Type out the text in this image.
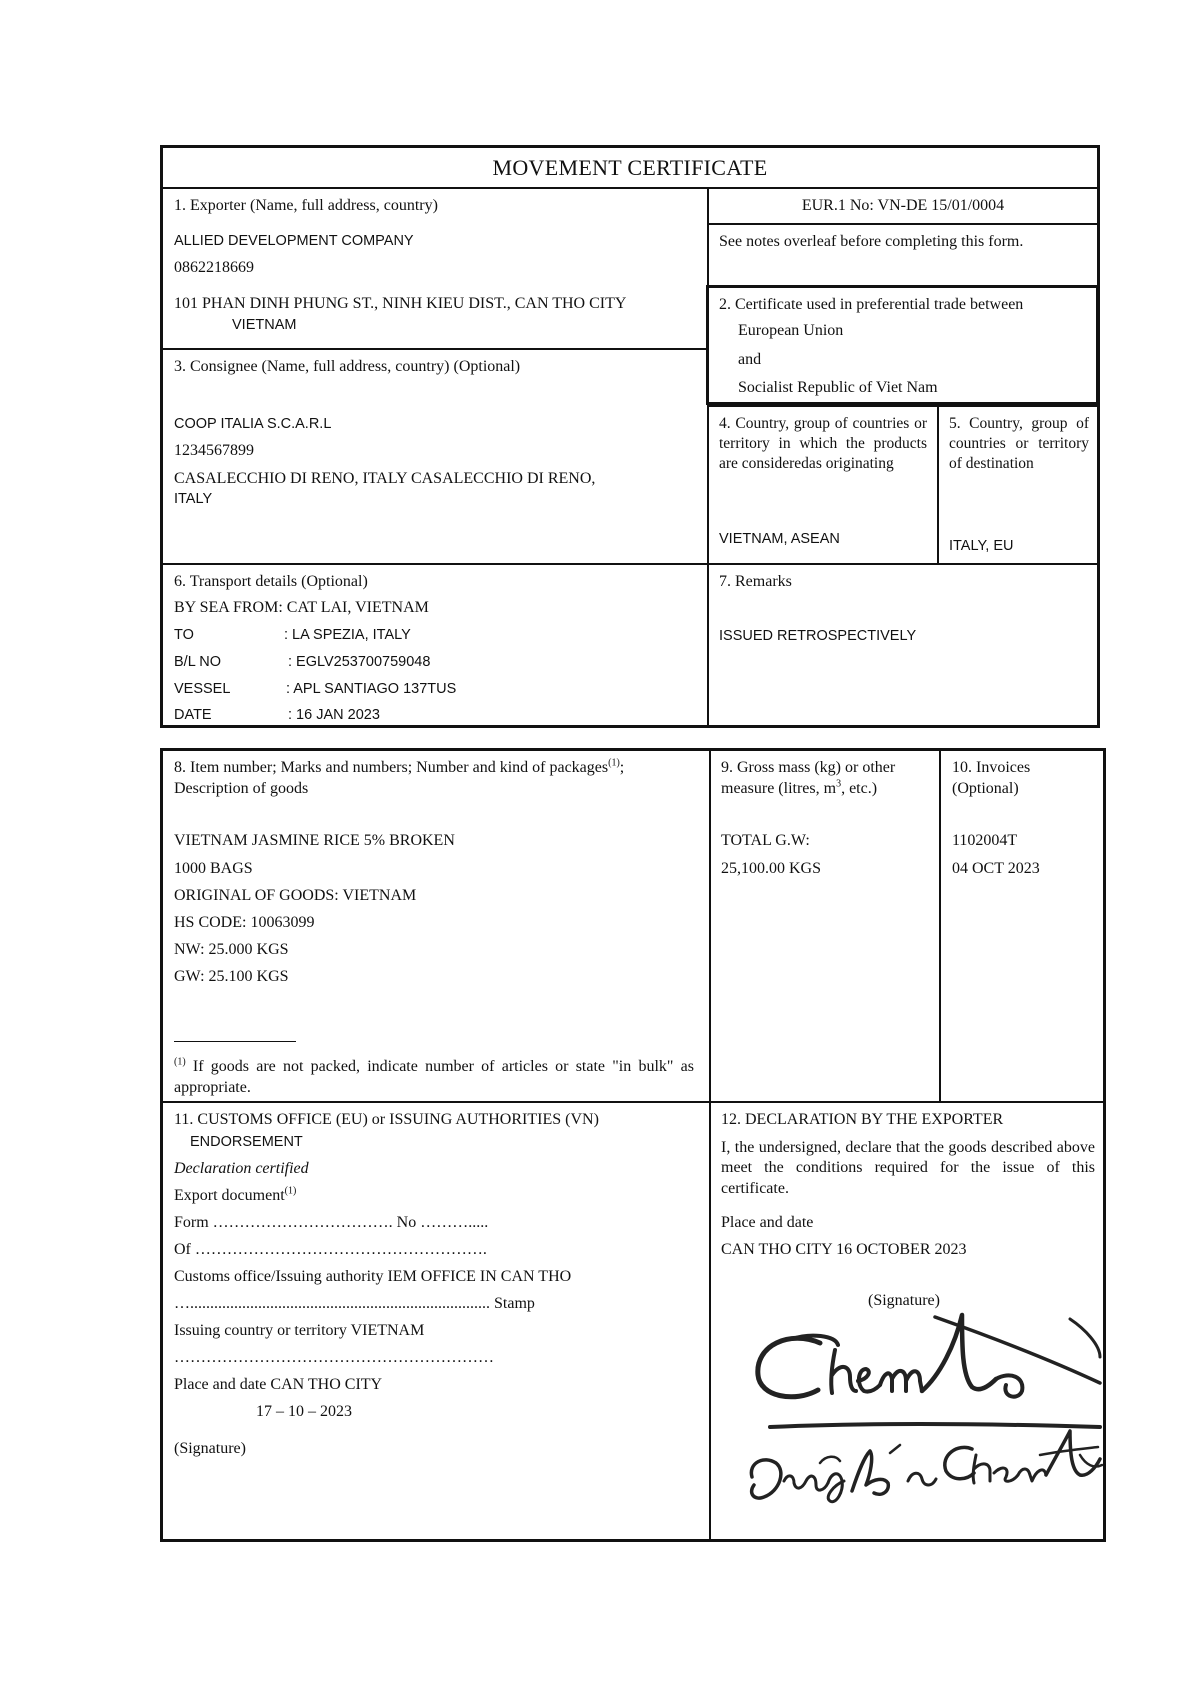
MOVEMENT CERTIFICATE
1. Exporter (Name, full address, country)
ALLIED DEVELOPMENT COMPANY
0862218669
101 PHAN DINH PHUNG ST., NINH KIEU DIST., CAN THO CITY
VIETNAM
EUR.1 No: VN-DE 15/01/0004
See notes overleaf before completing this form.
2. Certificate used in preferential trade between
European Union
and
Socialist Republic of Viet Nam
3. Consignee (Name, full address, country) (Optional)
COOP ITALIA S.C.A.R.L
1234567899
CASALECCHIO DI RENO, ITALY CASALECCHIO DI RENO,
ITALY
4. Country, group of countries or territory in which the products are consideredas originating
VIETNAM, ASEAN
5. Country, group of countries or territory of destination
ITALY, EU
6. Transport details (Optional)
BY SEA FROM: CAT LAI, VIETNAM
TO	: LA SPEZIA, ITALY
B/L NO	: EGLV253700759048
VESSEL	: APL SANTIAGO 137TUS
DATE	: 16 JAN 2023
7. Remarks
ISSUED RETROSPECTIVELY
8. Item number; Marks and numbers; Number and kind of packages$^{(1)}$;
Description of goods
VIETNAM JASMINE RICE 5% BROKEN
1000 BAGS
ORIGINAL OF GOODS: VIETNAM
HS CODE: 10063099
NW: 25.000 KGS
GW: 25.100 KGS
$^{(1)}$ If goods are not packed, indicate number of articles or state "in bulk" as appropriate.
9. Gross mass (kg) or other
measure (litres, $m^3$, etc.)
TOTAL G.W:
25,100.00 KGS
10. Invoices
(Optional)
1102004T
04 OCT 2023
11. CUSTOMS OFFICE (EU) or ISSUING AUTHORITIES (VN)
ENDORSEMENT
Declaration certified
Export document$^{(1)}$
Form ……………………………. No ……….....
Of ……………………………………………….
Customs office/Issuing authority IEM OFFICE IN CAN THO
…........................................................................... Stamp
Issuing country or territory VIETNAM
……………………………………………………
Place and date CAN THO CITY
17 – 10 – 2023
(Signature)
12. DECLARATION BY THE EXPORTER
I, the undersigned, declare that the goods described above meet the conditions required for the issue of this certificate.
Place and date
CAN THO CITY 16 OCTOBER 2023
(Signature)
